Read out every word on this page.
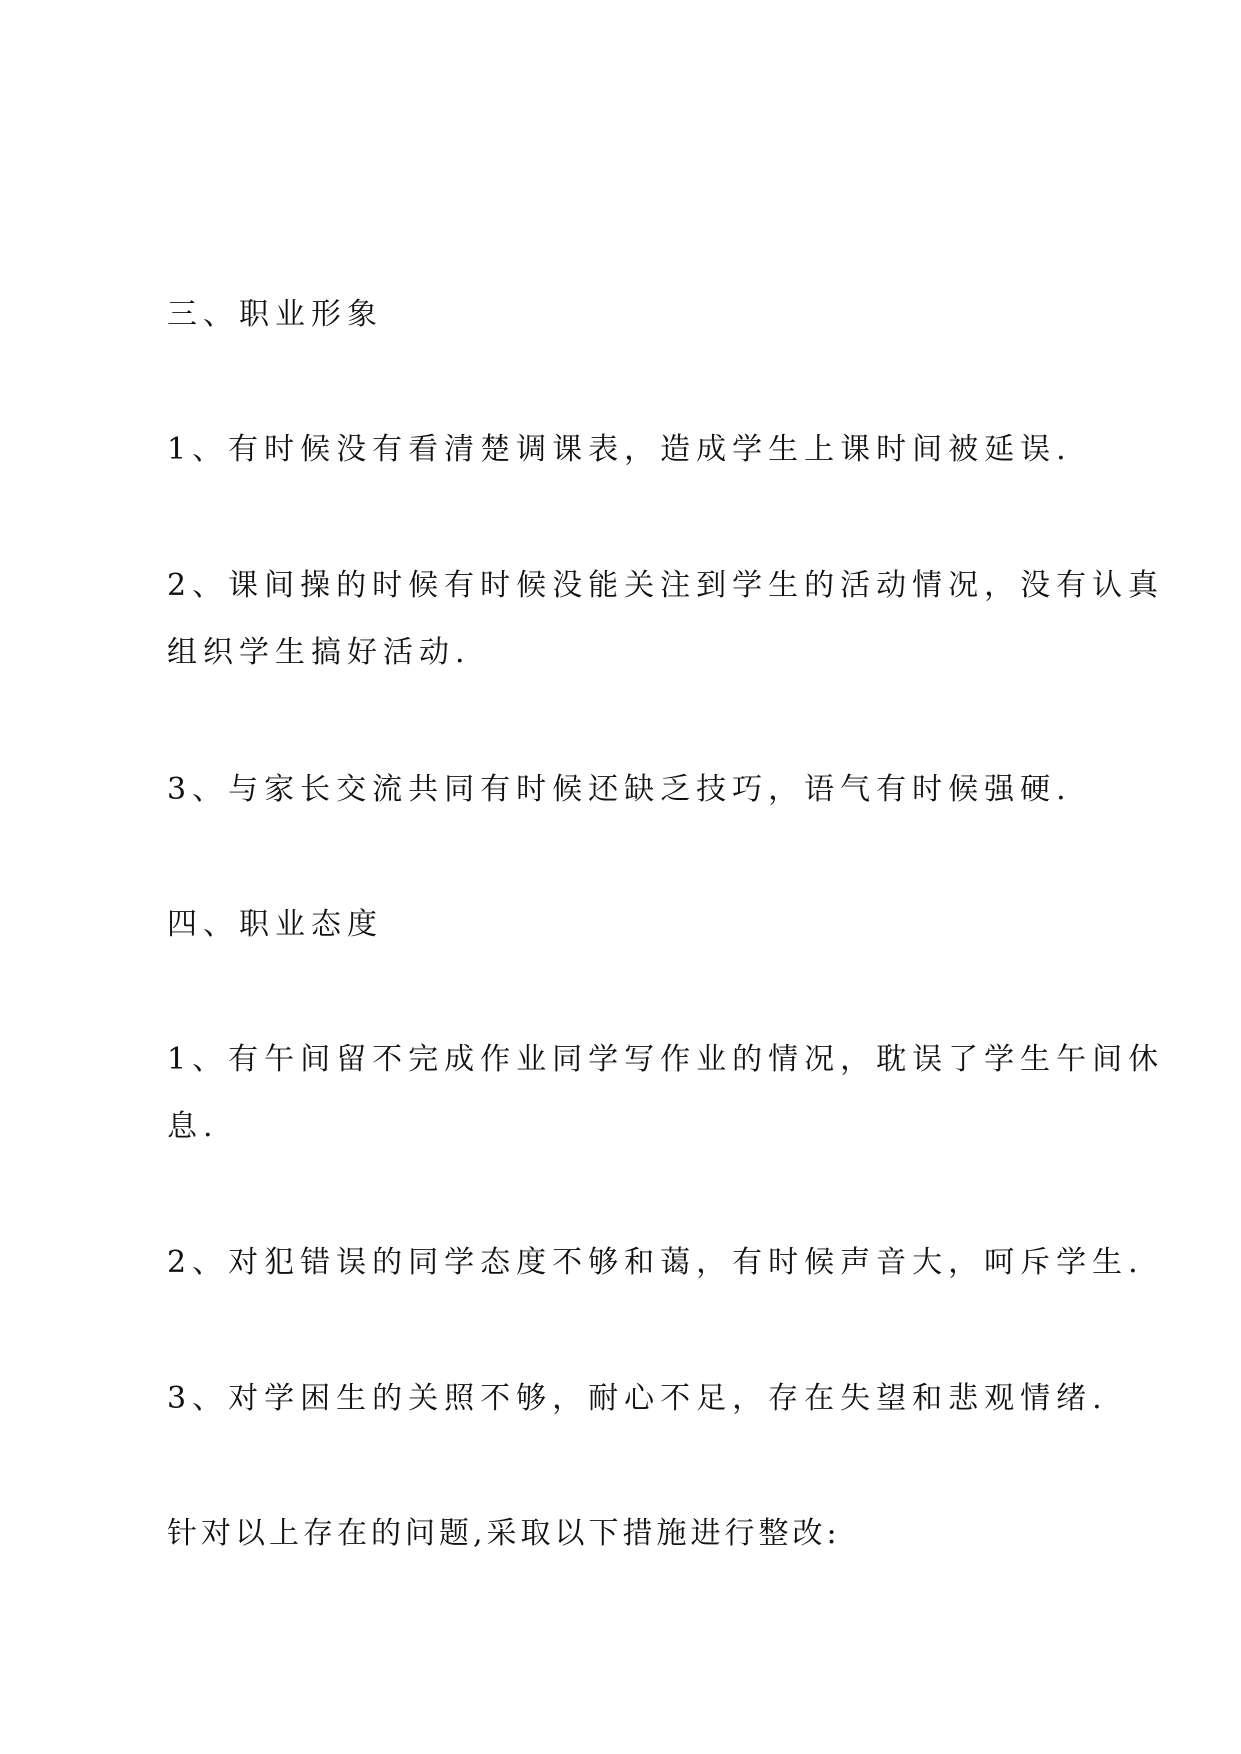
三、职业形象

1、有时候没有看清楚调课表，造成学生上课时间被延误.

2、课间操的时候有时候没能关注到学生的活动情况，没有认真

组织学生搞好活动.

3、与家长交流共同有时候还缺乏技巧，语气有时候强硬.

四、职业态度

1、有午间留不完成作业同学写作业的情况，耽误了学生午间休

息.

2、对犯错误的同学态度不够和蔼，有时候声音大，呵斥学生.

3、对学困生的关照不够，耐心不足，存在失望和悲观情绪.

针对以上存在的问题,采取以下措施进行整改:
